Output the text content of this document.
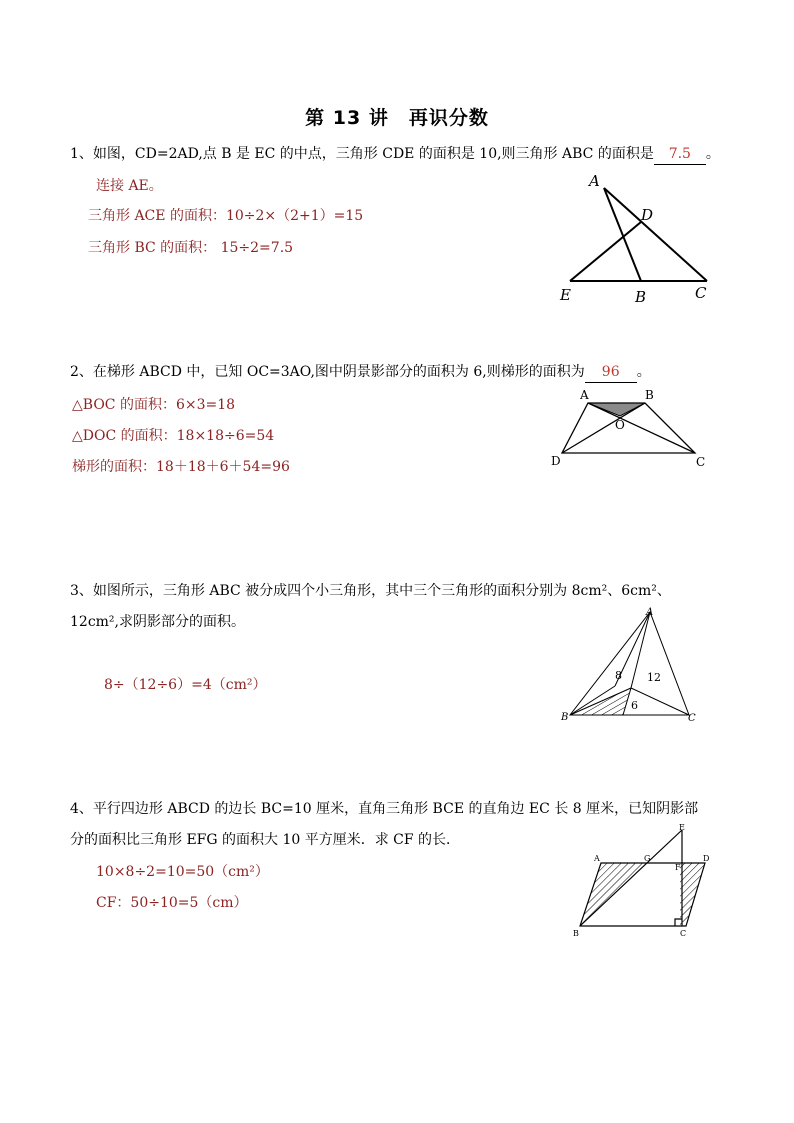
第 13 讲　再识分数
1、如图，CD=2AD,点 B 是 EC 的中点，三角形 CDE 的面积是 10,则三角形 ABC 的面积是 7.5 。
连接 AE。
三角形 ACE 的面积：10÷2×（2+1）=15
三角形 BC 的面积： 15÷2=7.5
A
D
E	B	C
2、在梯形 ABCD 中，已知 OC=3AO,图中阴景影部分的面积为 6,则梯形的面积为 96 。
△BOC 的面积：6×3=18
△DOC 的面积：18×18÷6=54
梯形的面积：18＋18＋6＋54=96
A	B
O
D	C
3、如图所示，三角形 ABC 被分成四个小三角形，其中三个三角形的面积分别为 8cm²、6cm²、
12cm²,求阴影部分的面积。
8÷（12÷6）=4（cm²）
A
B	C
8 12
6
4、平行四边形 ABCD 的边长 BC=10 厘米，直角三角形 BCE 的直角边 EC 长 8 厘米，已知阴影部
分的面积比三角形 EFG 的面积大 10 平方厘米．求 CF 的长．
10×8÷2=10=50（cm²）
CF：50÷10=5（cm）
A	G
E
D
F
B	C
